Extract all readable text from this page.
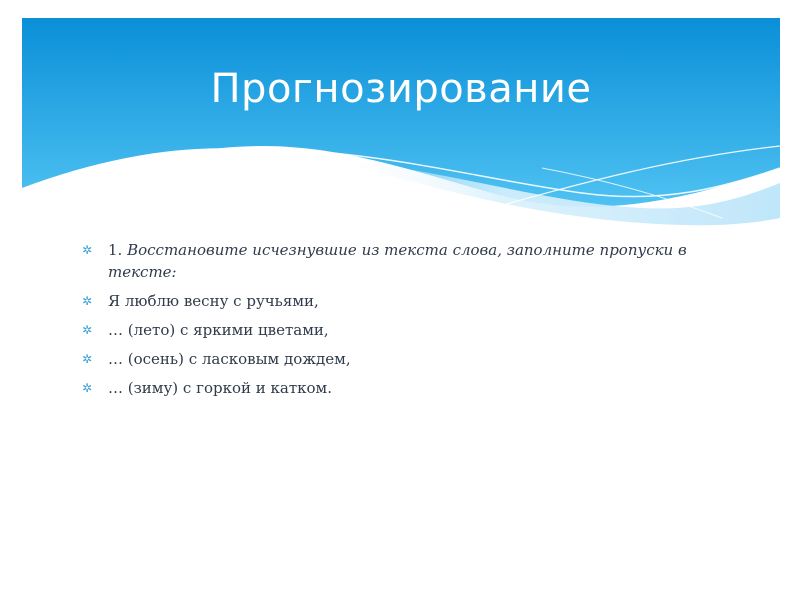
Прогнозирование
✲ 1. Восстановите исчезнувшие из текста слова, заполните пропуски в тексте:
✲ Я люблю весну с ручьями,
✲ … (лето) с яркими цветами,
✲ … (осень) с ласковым дождем,
✲ … (зиму) с горкой и катком.
